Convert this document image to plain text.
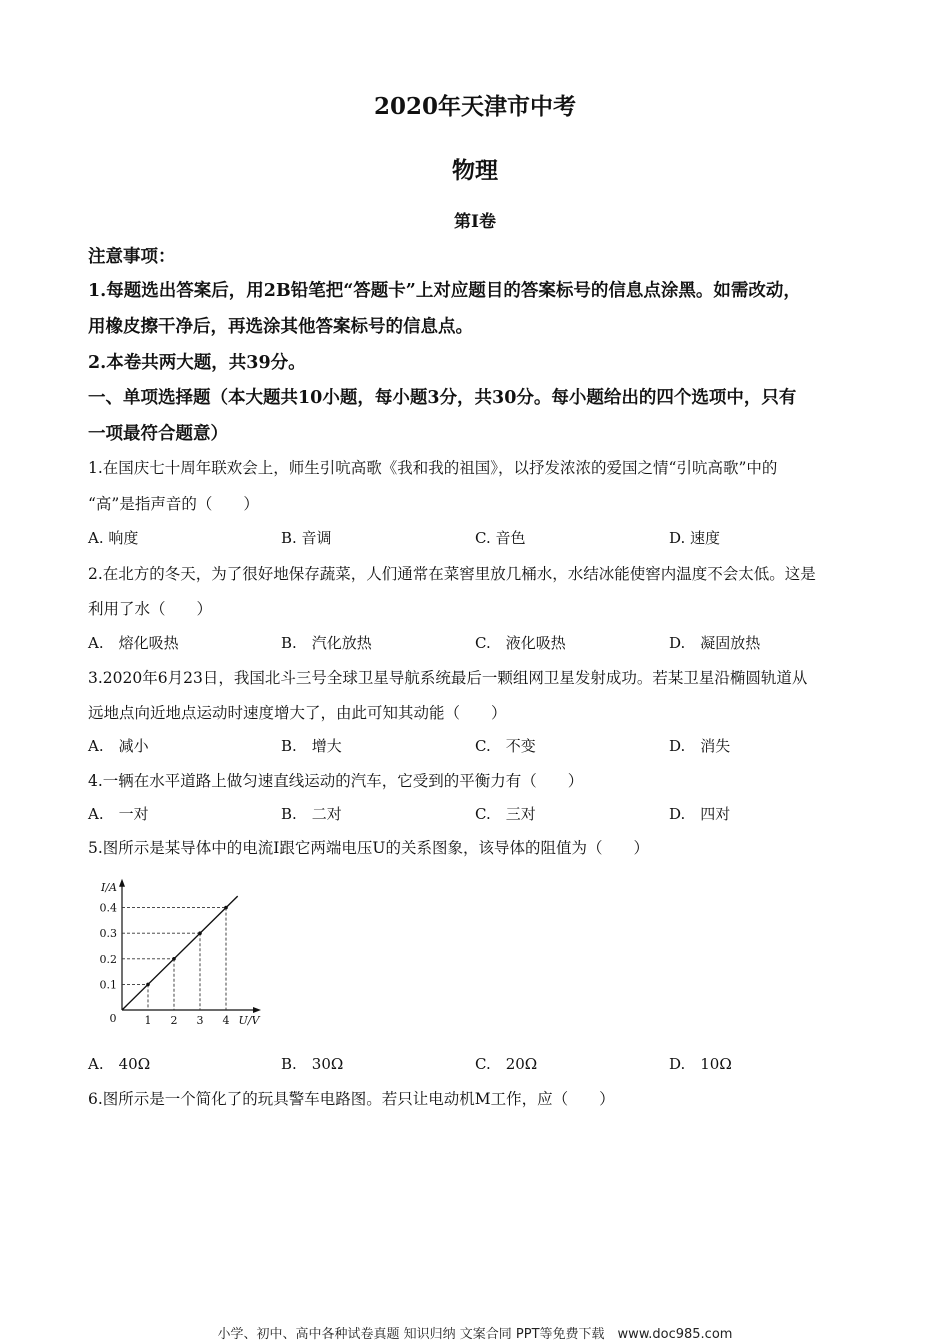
2020年天津市中考
物理
第I卷
注意事项：
1.每题选出答案后，用2B铅笔把“答题卡”上对应题目的答案标号的信息点涂黑。如需改动，
用橡皮擦干净后，再选涂其他答案标号的信息点。
2.本卷共两大题，共39分。
一、单项选择题（本大题共10小题，每小题3分，共30分。每小题给出的四个选项中，只有
一项最符合题意）
1.在国庆七十周年联欢会上，师生引吭高歌《我和我的祖国》，以抒发浓浓的爱国之情“引吭高歌”中的
“高”是指声音的（　　）
A. 响度	B. 音调	C. 音色	D. 速度
2.在北方的冬天，为了很好地保存蔬菜，人们通常在菜窖里放几桶水，水结冰能使窖内温度不会太低。这是
利用了水（　　）
A.　熔化吸热	B.　汽化放热	C.　液化吸热	D.　凝固放热
3.2020年6月23日，我国北斗三号全球卫星导航系统最后一颗组网卫星发射成功。若某卫星沿椭圆轨道从
远地点向近地点运动时速度增大了，由此可知其动能（　　）
A.　减小	B.　增大	C.　不变	D.　消失
4.一辆在水平道路上做匀速直线运动的汽车，它受到的平衡力有（　　）
A.　一对	B.　二对	C.　三对	D.　四对
5.图所示是某导体中的电流I跟它两端电压U的关系图象，该导体的阻值为（　　）
1 2 3 4
0.1
0.2
0.3
0.4
0	U/V
I/A
A.　40Ω	B.　30Ω	C.　20Ω	D.　10Ω
6.图所示是一个简化了的玩具警车电路图。若只让电动机M工作，应（　　）
小学、初中、高中各种试卷真题 知识归纳 文案合同 PPT等免费下载　www.doc985.com
